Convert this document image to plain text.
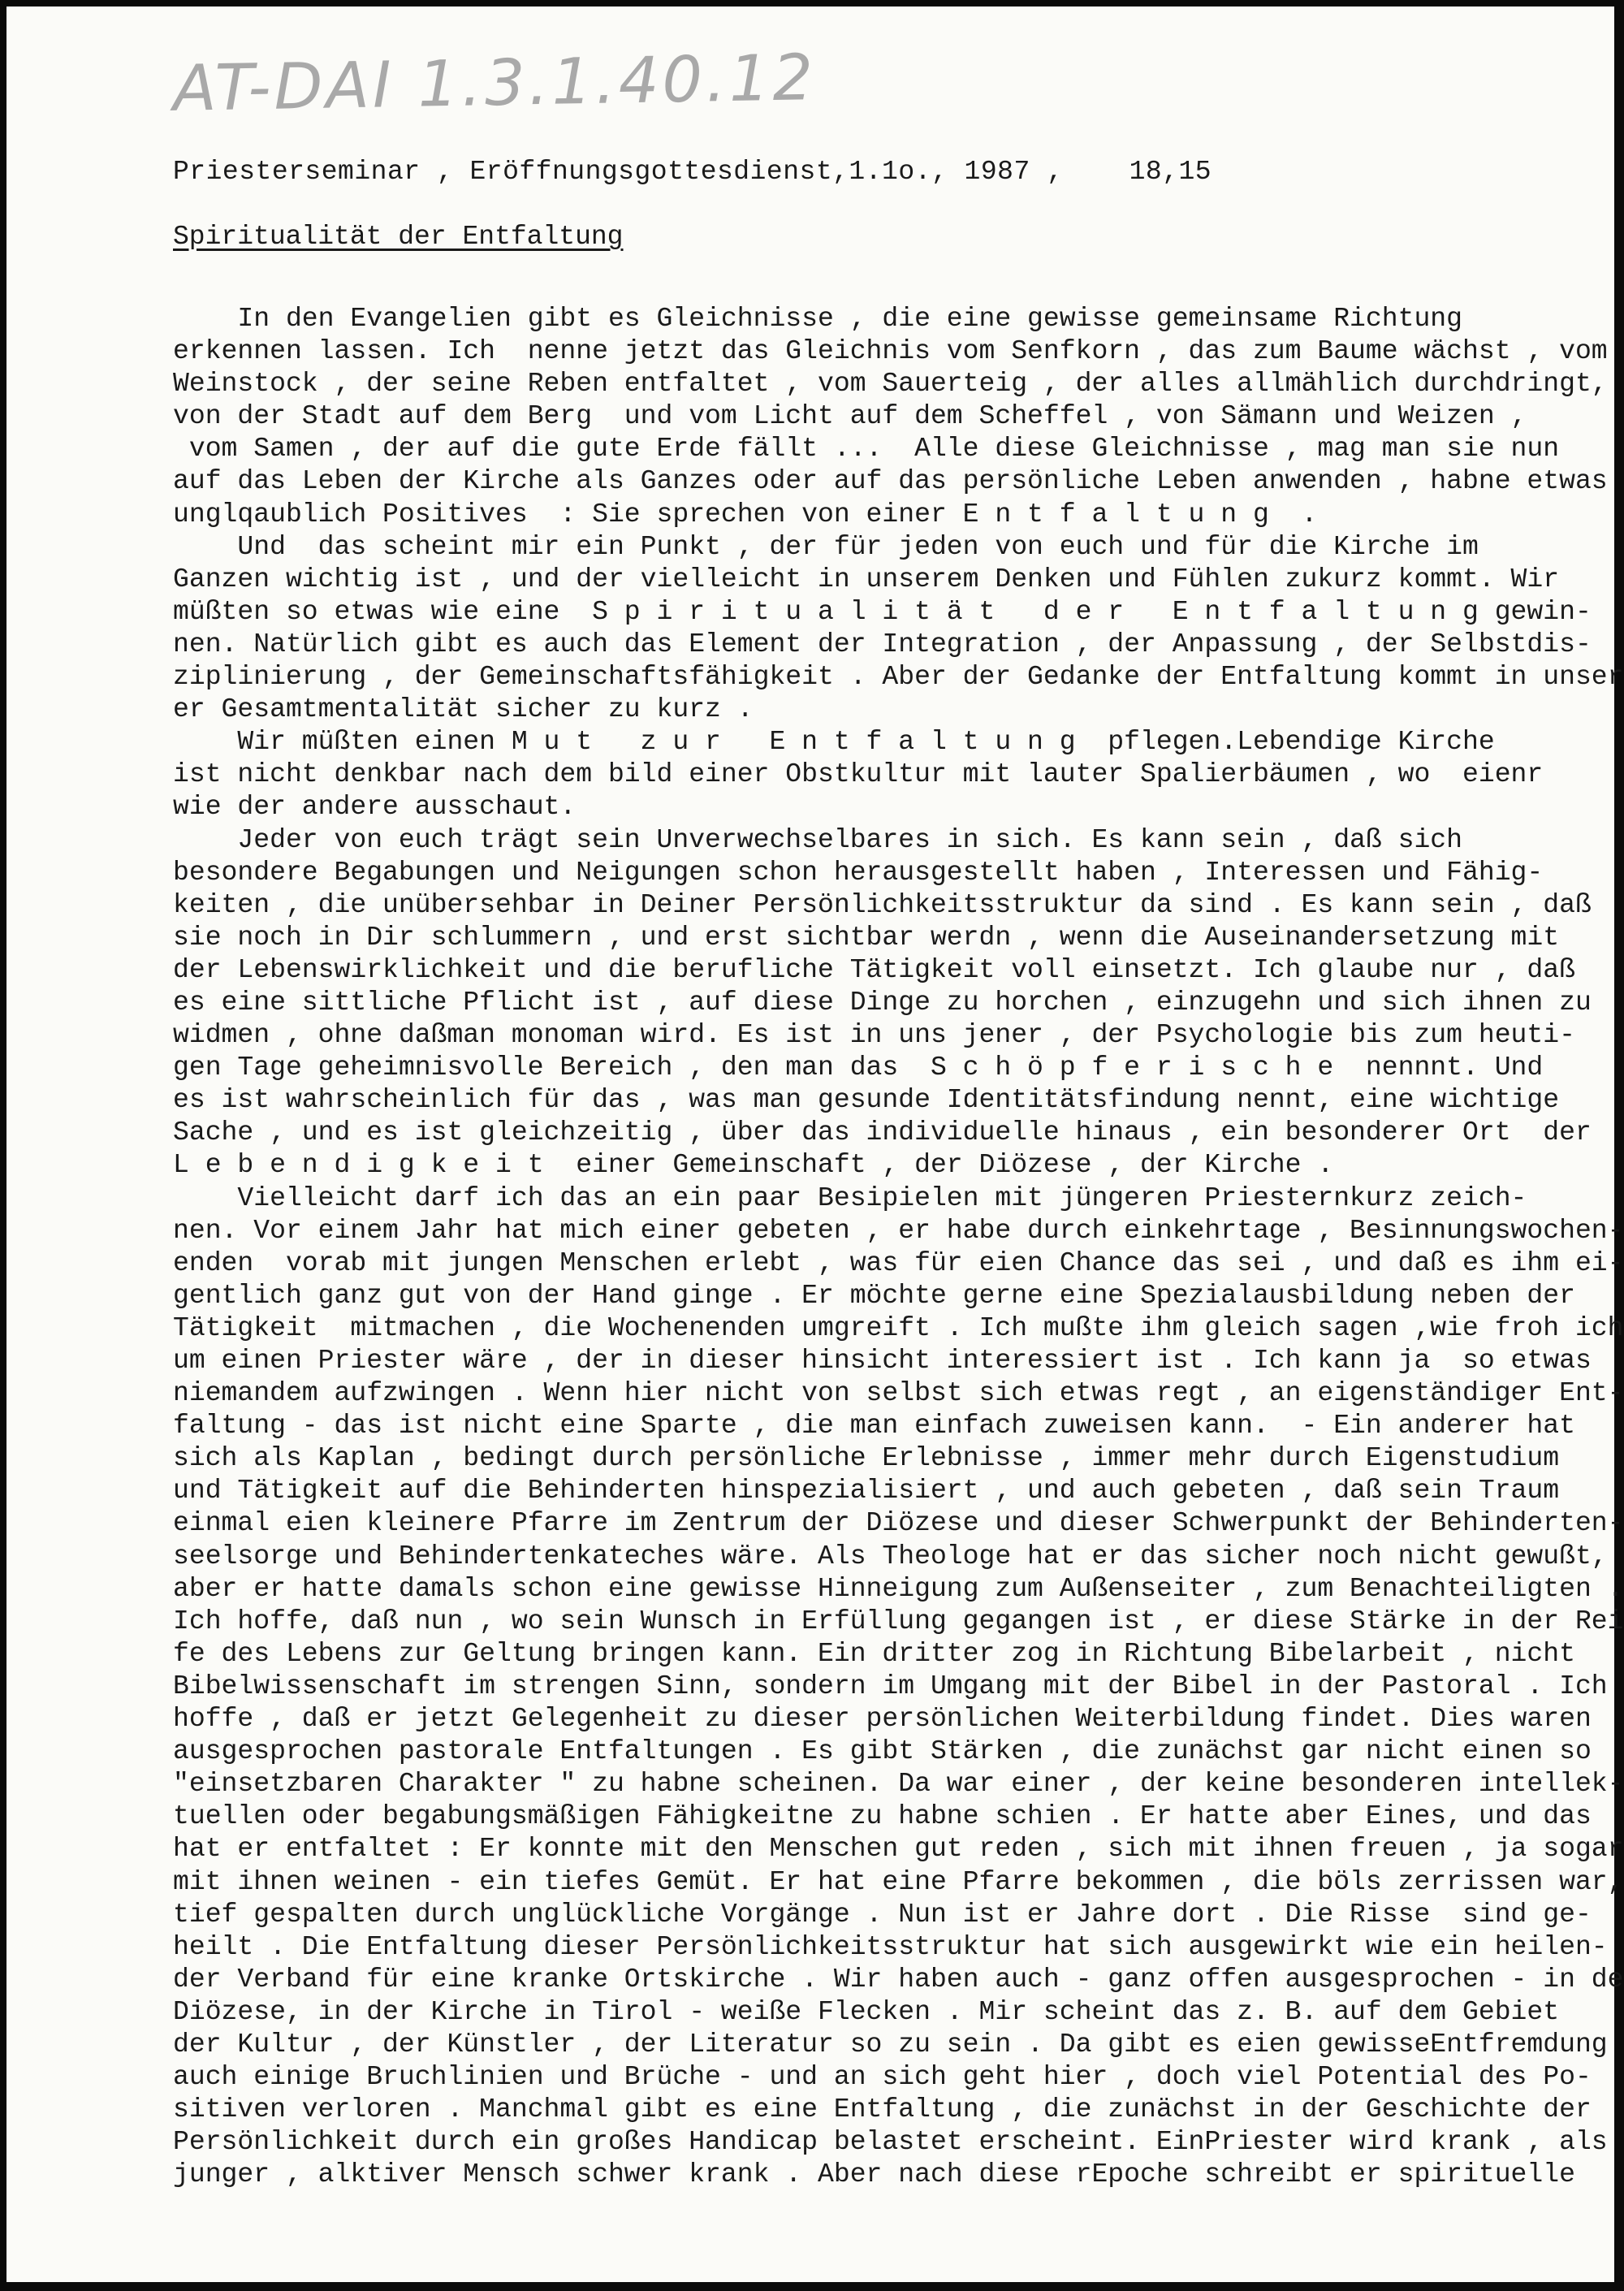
AT-DAI 1.3.1.40.12
Priesterseminar , Eröffnungsgottesdienst,1.1o., 1987 ,    18,15
Spiritualität der Entfaltung
In den Evangelien gibt es Gleichnisse , die eine gewisse gemeinsame Richtung
erkennen lassen. Ich  nenne jetzt das Gleichnis vom Senfkorn , das zum Baume wächst , vom
Weinstock , der seine Reben entfaltet , vom Sauerteig , der alles allmählich durchdringt,
von der Stadt auf dem Berg  und vom Licht auf dem Scheffel , von Sämann und Weizen ,
vom Samen , der auf die gute Erde fällt ...  Alle diese Gleichnisse , mag man sie nun
auf das Leben der Kirche als Ganzes oder auf das persönliche Leben anwenden , habne etwas
unglqaublich Positives  : Sie sprechen von einer E n t f a l t u n g  .
Und  das scheint mir ein Punkt , der für jeden von euch und für die Kirche im
Ganzen wichtig ist , und der vielleicht in unserem Denken und Fühlen zukurz kommt. Wir
müßten so etwas wie eine  S p i r i t u a l i t ä t   d e r   E n t f a l t u n g gewin-
nen. Natürlich gibt es auch das Element der Integration , der Anpassung , der Selbstdis-
ziplinierung , der Gemeinschaftsfähigkeit . Aber der Gedanke der Entfaltung kommt in unser
er Gesamtmentalität sicher zu kurz .
Wir müßten einen M u t   z u r   E n t f a l t u n g  pflegen.Lebendige Kirche
ist nicht denkbar nach dem bild einer Obstkultur mit lauter Spalierbäumen , wo  eienr
wie der andere ausschaut.
Jeder von euch trägt sein Unverwechselbares in sich. Es kann sein , daß sich
besondere Begabungen und Neigungen schon herausgestellt haben , Interessen und Fähig-
keiten , die unübersehbar in Deiner Persönlichkeitsstruktur da sind . Es kann sein , daß
sie noch in Dir schlummern , und erst sichtbar werdn , wenn die Auseinandersetzung mit
der Lebenswirklichkeit und die berufliche Tätigkeit voll einsetzt. Ich glaube nur , daß
es eine sittliche Pflicht ist , auf diese Dinge zu horchen , einzugehn und sich ihnen zu
widmen , ohne daßman monoman wird. Es ist in uns jener , der Psychologie bis zum heuti-
gen Tage geheimnisvolle Bereich , den man das  S c h ö p f e r i s c h e  nennnt. Und
es ist wahrscheinlich für das , was man gesunde Identitätsfindung nennt, eine wichtige
Sache , und es ist gleichzeitig , über das individuelle hinaus , ein besonderer Ort  der
L e b e n d i g k e i t  einer Gemeinschaft , der Diözese , der Kirche .
Vielleicht darf ich das an ein paar Besipielen mit jüngeren Priesternkurz zeich-
nen. Vor einem Jahr hat mich einer gebeten , er habe durch einkehrtage , Besinnungswochen-
enden  vorab mit jungen Menschen erlebt , was für eien Chance das sei , und daß es ihm ei-
gentlich ganz gut von der Hand ginge . Er möchte gerne eine Spezialausbildung neben der
Tätigkeit  mitmachen , die Wochenenden umgreift . Ich mußte ihm gleich sagen ,wie froh ich
um einen Priester wäre , der in dieser hinsicht interessiert ist . Ich kann ja  so etwas
niemandem aufzwingen . Wenn hier nicht von selbst sich etwas regt , an eigenständiger Ent-
faltung - das ist nicht eine Sparte , die man einfach zuweisen kann.  - Ein anderer hat
sich als Kaplan , bedingt durch persönliche Erlebnisse , immer mehr durch Eigenstudium
und Tätigkeit auf die Behinderten hinspezialisiert , und auch gebeten , daß sein Traum
einmal eien kleinere Pfarre im Zentrum der Diözese und dieser Schwerpunkt der Behinderten-
seelsorge und Behindertenkateches wäre. Als Theologe hat er das sicher noch nicht gewußt,
aber er hatte damals schon eine gewisse Hinneigung zum Außenseiter , zum Benachteiligten .
Ich hoffe, daß nun , wo sein Wunsch in Erfüllung gegangen ist , er diese Stärke in der Rei
fe des Lebens zur Geltung bringen kann. Ein dritter zog in Richtung Bibelarbeit , nicht
Bibelwissenschaft im strengen Sinn, sondern im Umgang mit der Bibel in der Pastoral . Ich
hoffe , daß er jetzt Gelegenheit zu dieser persönlichen Weiterbildung findet. Dies waren
ausgesprochen pastorale Entfaltungen . Es gibt Stärken , die zunächst gar nicht einen so
"einsetzbaren Charakter " zu habne scheinen. Da war einer , der keine besonderen intellek-
tuellen oder begabungsmäßigen Fähigkeitne zu habne schien . Er hatte aber Eines, und das
hat er entfaltet : Er konnte mit den Menschen gut reden , sich mit ihnen freuen , ja sogar
mit ihnen weinen - ein tiefes Gemüt. Er hat eine Pfarre bekommen , die böls zerrissen war,
tief gespalten durch unglückliche Vorgänge . Nun ist er Jahre dort . Die Risse  sind ge-
heilt . Die Entfaltung dieser Persönlichkeitsstruktur hat sich ausgewirkt wie ein heilen-
der Verband für eine kranke Ortskirche . Wir haben auch - ganz offen ausgesprochen - in de
Diözese, in der Kirche in Tirol - weiße Flecken . Mir scheint das z. B. auf dem Gebiet
der Kultur , der Künstler , der Literatur so zu sein . Da gibt es eien gewisseEntfremdung
auch einige Bruchlinien und Brüche - und an sich geht hier , doch viel Potential des Po-
sitiven verloren . Manchmal gibt es eine Entfaltung , die zunächst in der Geschichte der
Persönlichkeit durch ein großes Handicap belastet erscheint. EinPriester wird krank , als
junger , alktiver Mensch schwer krank . Aber nach diese rEpoche schreibt er spirituelle
